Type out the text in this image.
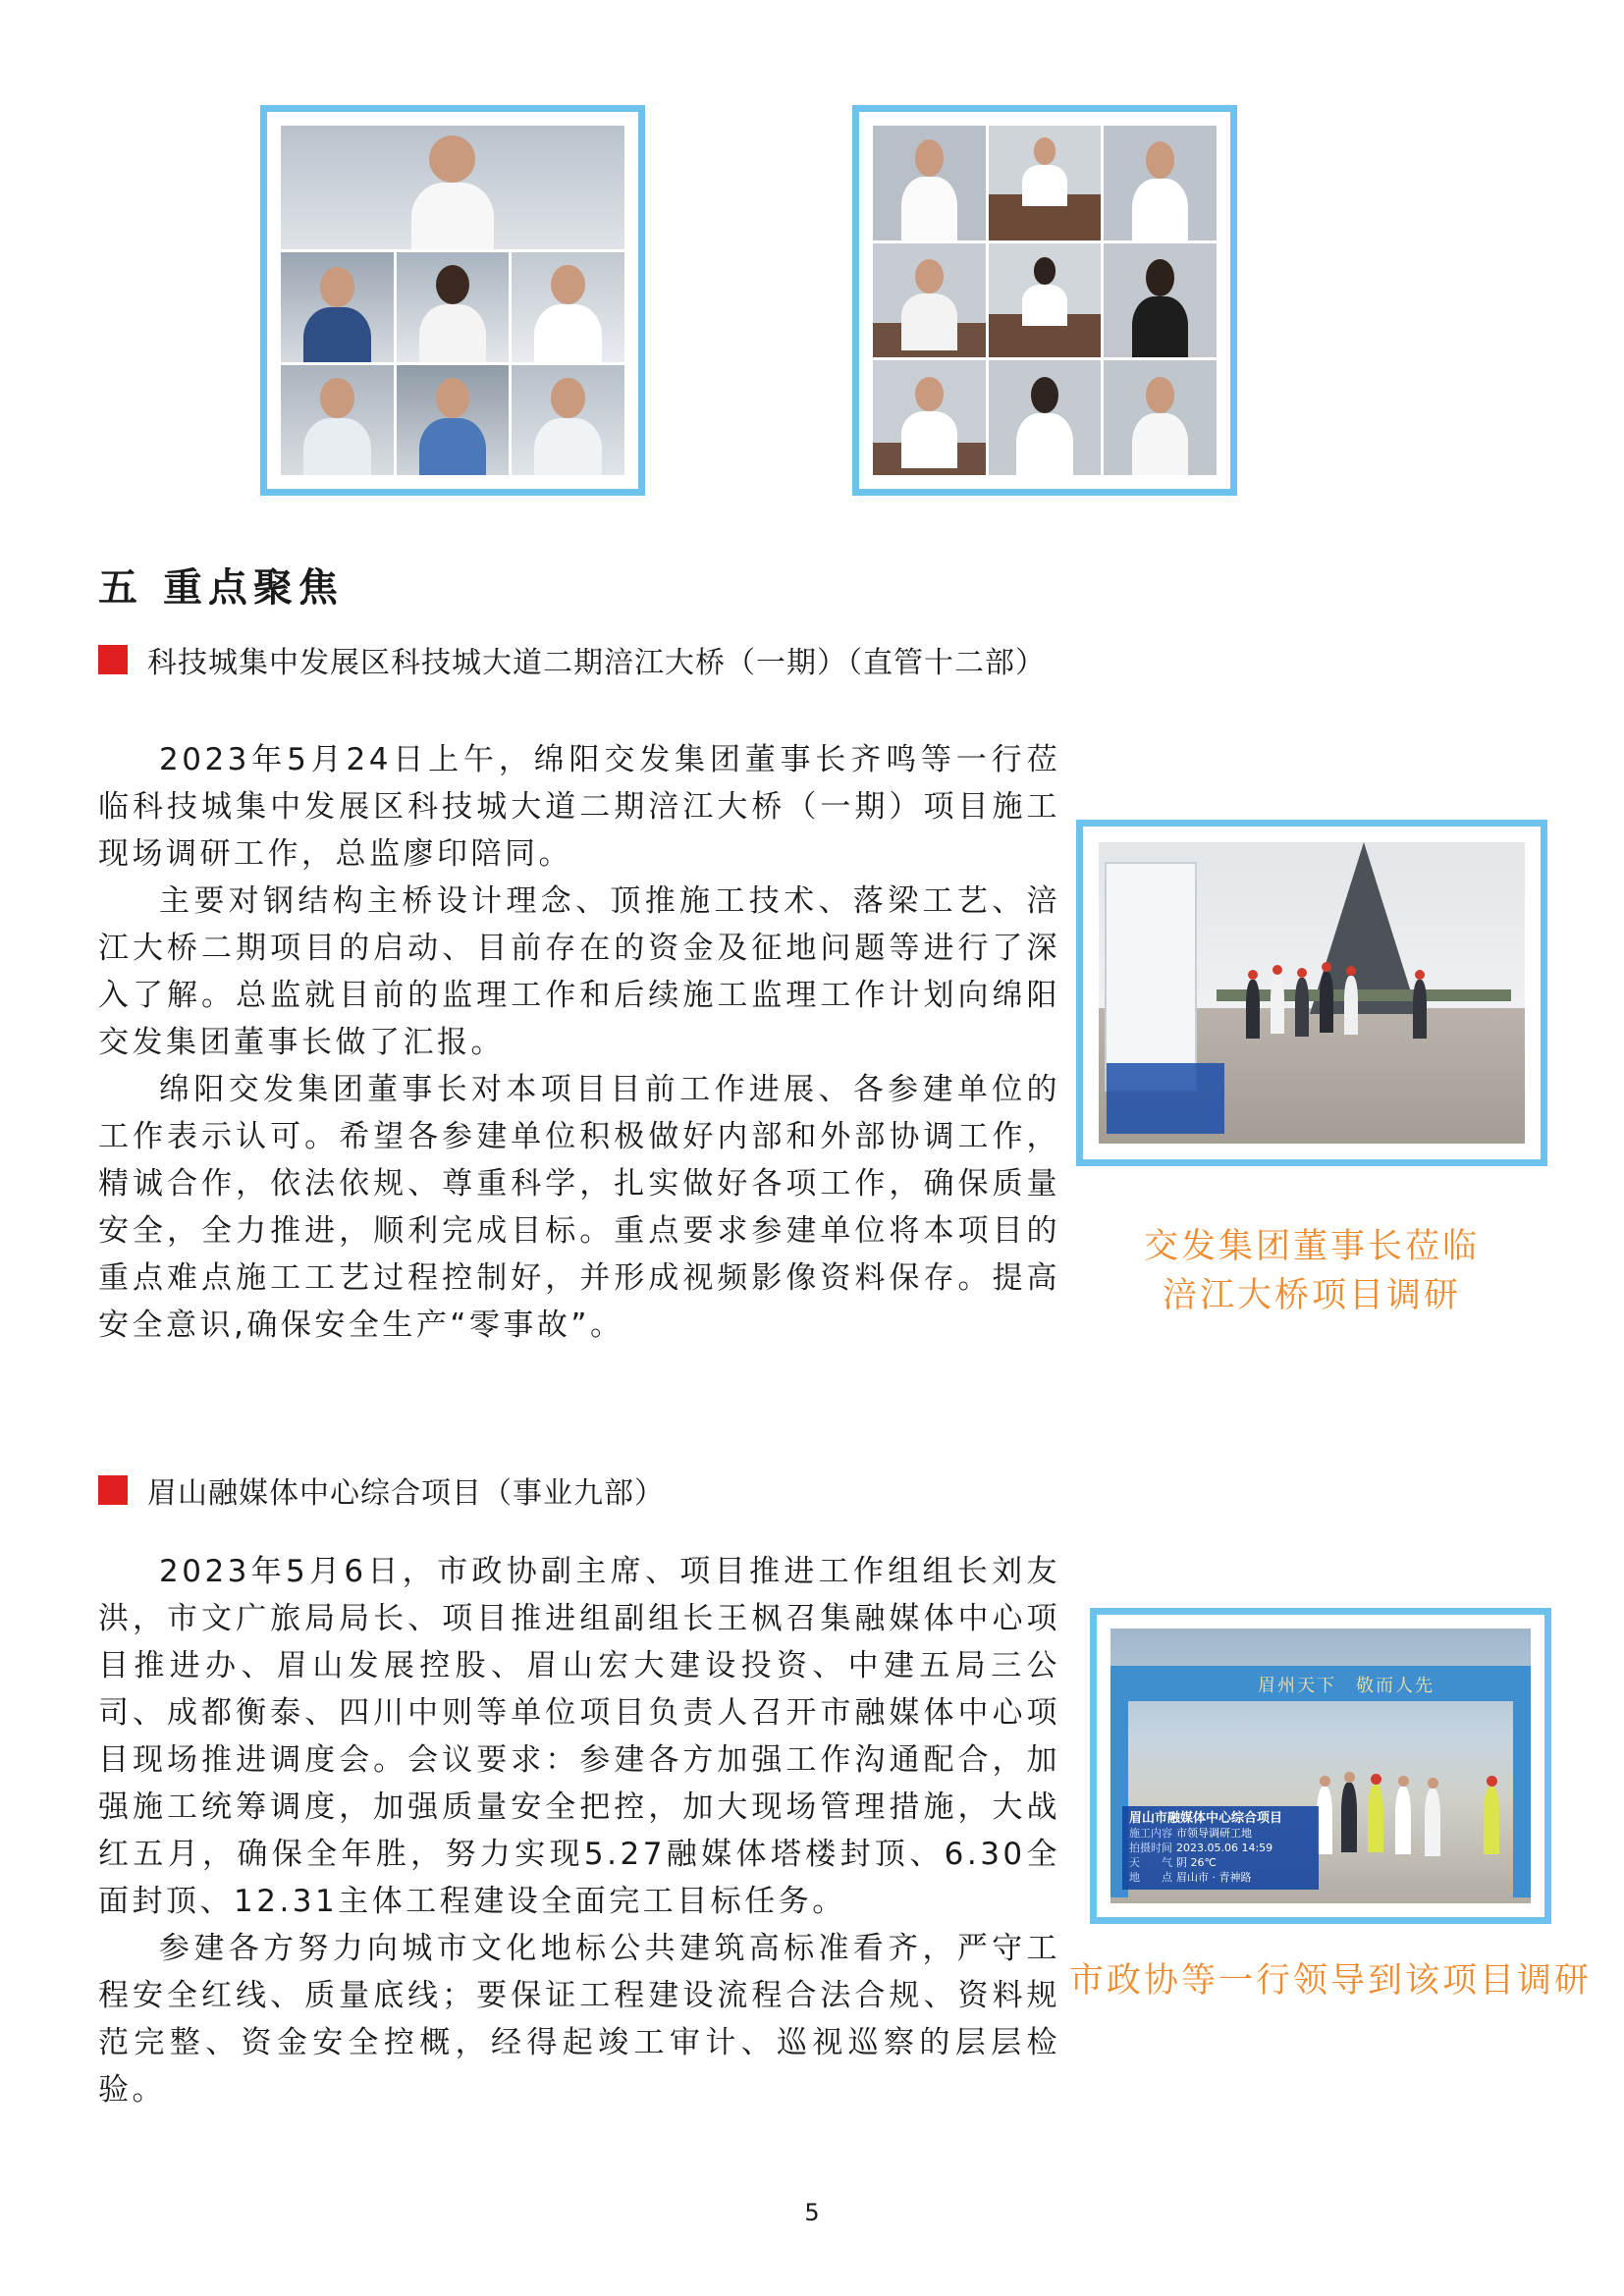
五 重点聚焦
科技城集中发展区科技城大道二期涪江大桥（一期）（直管十二部）

2023年5月24日上午，绵阳交发集团董事长齐鸣等一行莅临科技城集中发展区科技城大道二期涪江大桥（一期）项目施工现场调研工作，总监廖印陪同。

主要对钢结构主桥设计理念、顶推施工技术、落梁工艺、涪江大桥二期项目的启动、目前存在的资金及征地问题等进行了深入了解。总监就目前的监理工作和后续施工监理工作计划向绵阳交发集团董事长做了汇报。

绵阳交发集团董事长对本项目目前工作进展、各参建单位的工作表示认可。希望各参建单位积极做好内部和外部协调工作，精诚合作，依法依规、尊重科学，扎实做好各项工作，确保质量安全，全力推进，顺利完成目标。重点要求参建单位将本项目的重点难点施工工艺过程控制好，并形成视频影像资料保存。提高安全意识,确保安全生产“零事故”。

交发集团董事长莅临
涪江大桥项目调研
眉山融媒体中心综合项目（事业九部）

2023年5月6日，市政协副主席、项目推进工作组组长刘友洪，市文广旅局局长、项目推进组副组长王枫召集融媒体中心项目推进办、眉山发展控股、眉山宏大建设投资、中建五局三公司、成都衡泰、四川中则等单位项目负责人召开市融媒体中心项目现场推进调度会。会议要求：参建各方加强工作沟通配合，加强施工统筹调度，加强质量安全把控，加大现场管理措施，大战红五月，确保全年胜，努力实现5.27融媒体塔楼封顶、6.30全面封顶、12.31主体工程建设全面完工目标任务。

参建各方努力向城市文化地标公共建筑高标准看齐，严守工程安全红线、质量底线；要保证工程建设流程合法合规、资料规范完整、资金安全控概，经得起竣工审计、巡视巡察的层层检验。

眉州天下　敬而人先
眉山市融媒体中心综合项目
施工内容 市领导调研工地
拍摄时间 2023.05.06 14:59
天　　气 阴 26℃
地　　点 眉山市 · 青神路
市政协等一行领导到该项目调研
5
